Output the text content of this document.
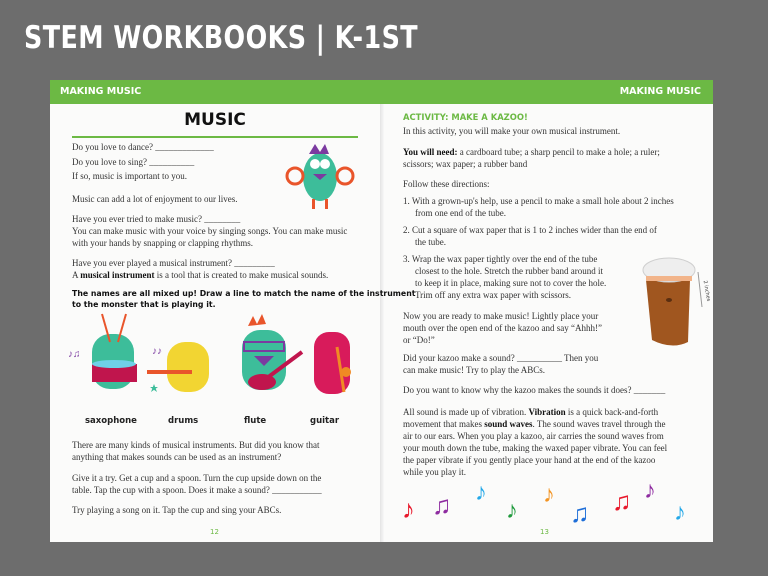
STEM WORKBOOKS | K-1ST
MAKING MUSIC	MAKING MUSIC
MUSIC
Do you love to dance? _____________
Do you love to sing? __________
If so, music is important to you.
Music can add a lot of enjoyment to our lives.
Have you ever tried to make music? ________
You can make music with your voice by singing songs. You can make music
with your hands by snapping or clapping rhythms.
Have you ever played a musical instrument? _________
A musical instrument is a tool that is created to make musical sounds.
The names are all mixed up! Draw a line to match the name of the instrument
to the monster that is playing it.
♪♫	♪♪
saxophone	drums	flute	guitar
There are many kinds of musical instruments. But did you know that
anything that makes sounds can be used as an instrument?
Give it a try. Get a cup and a spoon. Turn the cup upside down on the
table. Tap the cup with a spoon. Does it make a sound? ___________
Try playing a song on it. Tap the cup and sing your ABCs.
12
ACTIVITY: MAKE A KAZOO!
In this activity, you will make your own musical instrument.
You will need: a cardboard tube; a sharp pencil to make a hole; a ruler;
scissors; wax paper; a rubber band
Follow these directions:
1. With a grown-up's help, use a pencil to make a small hole about 2 inches
from one end of the tube.
2. Cut a square of wax paper that is 1 to 2 inches wider than the end of
the tube.
3. Wrap the wax paper tightly over the end of the tube
closest to the hole. Stretch the rubber band around it
to keep it in place, making sure not to cover the hole.
Trim off any extra wax paper with scissors.	2 inches
Now you are ready to make music! Lightly place your
mouth over the open end of the kazoo and say “Ahhh!”
or “Do!”
Did your kazoo make a sound? __________ Then you
can make music! Try to play the ABCs.
Do you want to know why the kazoo makes the sounds it does? _______
All sound is made up of vibration. Vibration is a quick back-and-forth
movement that makes sound waves. The sound waves travel through the
air to our ears. When you play a kazoo, air carries the sound waves from
your mouth down the tube, making the waxed paper vibrate. You can feel
the paper vibrate if you gently place your hand at the end of the kazoo
while you play it.
♪ ♫ ♪
♪
♪
♫ ♫ ♪
♪
13
